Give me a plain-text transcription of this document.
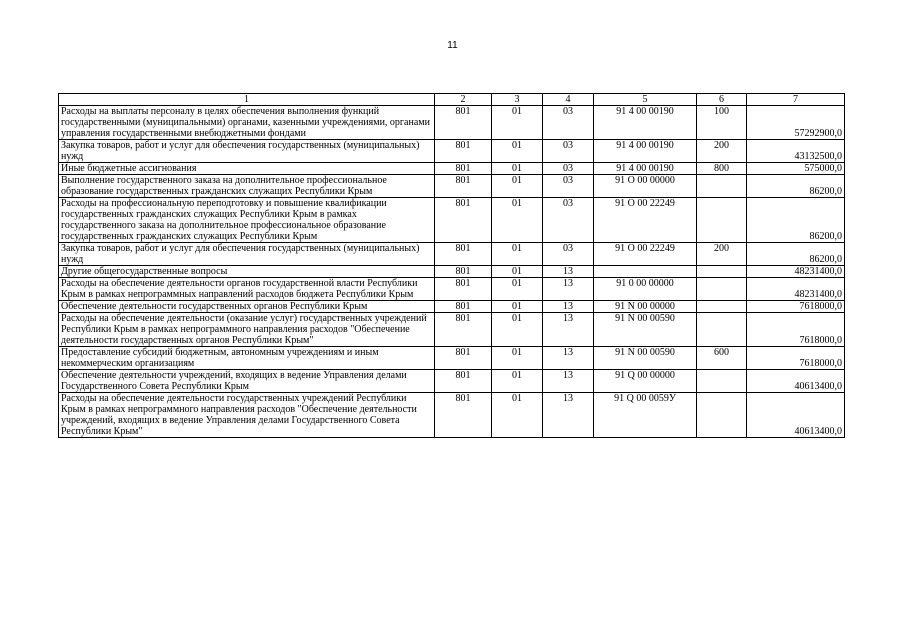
11
1	2	3	4	5	6	7
Расходы на выплаты персоналу в целях обеспечения выполнения функций государственными (муниципальными) органами, казенными учреждениями, органами управления государственными внебюджетными фондами	801	01	03	91 4 00 00190	100	57292900,0
Закупка товаров, работ и услуг для обеспечения государственных (муниципальных) нужд	801	01	03	91 4 00 00190	200	43132500,0
Иные бюджетные ассигнования	801	01	03	91 4 00 00190	800	575000,0
Выполнение государственного заказа на дополнительное профессиональное образование государственных гражданских служащих Республики Крым	801	01	03	91 О 00 00000		86200,0
Расходы на профессиональную переподготовку и повышение квалификации государственных гражданских служащих Республики Крым в рамках государственного заказа на дополнительное профессиональное образование государственных гражданских служащих Республики Крым	801	01	03	91 О 00 22249		86200,0
Закупка товаров, работ и услуг для обеспечения государственных (муниципальных) нужд	801	01	03	91 О 00 22249	200	86200,0
Другие общегосударственные вопросы	801	01	13			48231400,0
Расходы на обеспечение деятельности органов государственной власти Республики Крым в рамках непрограммных направлений расходов бюджета Республики Крым	801	01	13	91 0 00 00000		48231400,0
Обеспечение деятельности государственных органов Республики Крым	801	01	13	91 N 00 00000		7618000,0
Расходы на обеспечение деятельности (оказание услуг) государственных учреждений Республики Крым в рамках непрограммного направления расходов "Обеспечение деятельности государственных органов Республики Крым"	801	01	13	91 N 00 00590		7618000,0
Предоставление субсидий бюджетным, автономным учреждениям и иным некоммерческим организациям	801	01	13	91 N 00 00590	600	7618000,0
Обеспечение деятельности учреждений, входящих в ведение Управления делами Государственного Совета Республики Крым	801	01	13	91 Q 00 00000		40613400,0
Расходы на обеспечение деятельности государственных учреждений Республики Крым в рамках непрограммного направления расходов "Обеспечение деятельности учреждений, входящих в ведение Управления делами Государственного Совета Республики Крым"	801	01	13	91 Q 00 0059У		40613400,0
